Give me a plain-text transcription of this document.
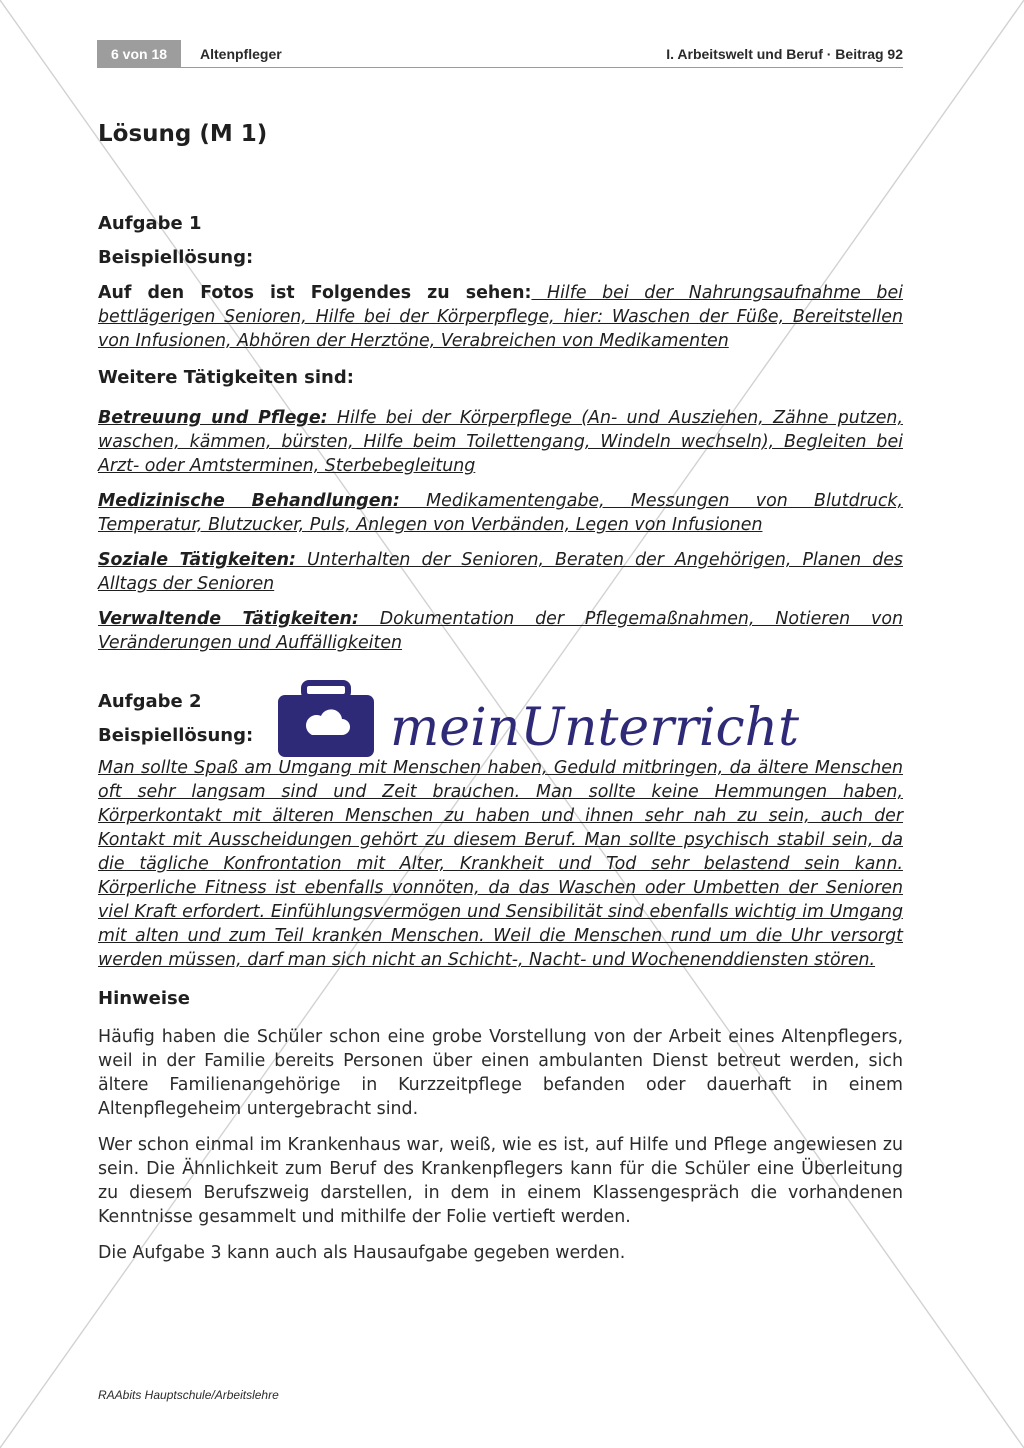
6 von 18	Altenpfleger	I. Arbeitswelt und Beruf · Beitrag 92
Lösung (M 1)
Aufgabe 1
Beispiellösung:

Auf den Fotos ist Folgendes zu sehen: Hilfe bei der Nahrungsaufnahme bei bettlägerigen Senioren, Hilfe bei der Körperpflege, hier: Waschen der Füße, Bereitstellen von Infusionen, Abhören der Herztöne, Verabreichen von Medikamenten

Weitere Tätigkeiten sind:

Betreuung und Pflege: Hilfe bei der Körperpflege (An- und Ausziehen, Zähne putzen, waschen, kämmen, bürsten, Hilfe beim Toilettengang, Windeln wechseln), Begleiten bei Arzt- oder Amtsterminen, Sterbebegleitung

Medizinische Behandlungen: Medikamentengabe, Messungen von Blutdruck, Temperatur, Blutzucker, Puls, Anlegen von Verbänden, Legen von Infusionen

Soziale Tätigkeiten: Unterhalten der Senioren, Beraten der Angehörigen, Planen des Alltags der Senioren

Verwaltende Tätigkeiten: Dokumentation der Pflegemaßnahmen, Notieren von Veränderungen und Auffälligkeiten

Aufgabe 2
Beispiellösung:

Man sollte Spaß am Umgang mit Menschen haben, Geduld mitbringen, da ältere Menschen oft sehr langsam sind und Zeit brauchen. Man sollte keine Hemmungen haben, Körperkontakt mit älteren Menschen zu haben und ihnen sehr nah zu sein, auch der Kontakt mit Ausscheidungen gehört zu diesem Beruf. Man sollte psychisch stabil sein, da die tägliche Konfrontation mit Alter, Krankheit und Tod sehr belastend sein kann. Körperliche Fitness ist ebenfalls vonnöten, da das Waschen oder Umbetten der Senioren viel Kraft erfordert. Einfühlungsvermögen und Sensibilität sind ebenfalls wichtig im Umgang mit alten und zum Teil kranken Menschen. Weil die Menschen rund um die Uhr versorgt werden müssen, darf man sich nicht an Schicht-, Nacht- und Wochenenddiensten stören.

Hinweise

Häufig haben die Schüler schon eine grobe Vorstellung von der Arbeit eines Altenpflegers, weil in der Familie bereits Personen über einen ambulanten Dienst betreut werden, sich ältere Familienangehörige in Kurzzeitpflege befanden oder dauerhaft in einem Altenpflegeheim untergebracht sind.

Wer schon einmal im Krankenhaus war, weiß, wie es ist, auf Hilfe und Pflege angewiesen zu sein. Die Ähnlichkeit zum Beruf des Krankenpflegers kann für die Schüler eine Überleitung zu diesem Berufszweig darstellen, in dem in einem Klassengespräch die vorhandenen Kenntnisse gesammelt und mithilfe der Folie vertieft werden.

Die Aufgabe 3 kann auch als Hausaufgabe gegeben werden.

meinUnterricht
RAAbits Hauptschule/Arbeitslehre
